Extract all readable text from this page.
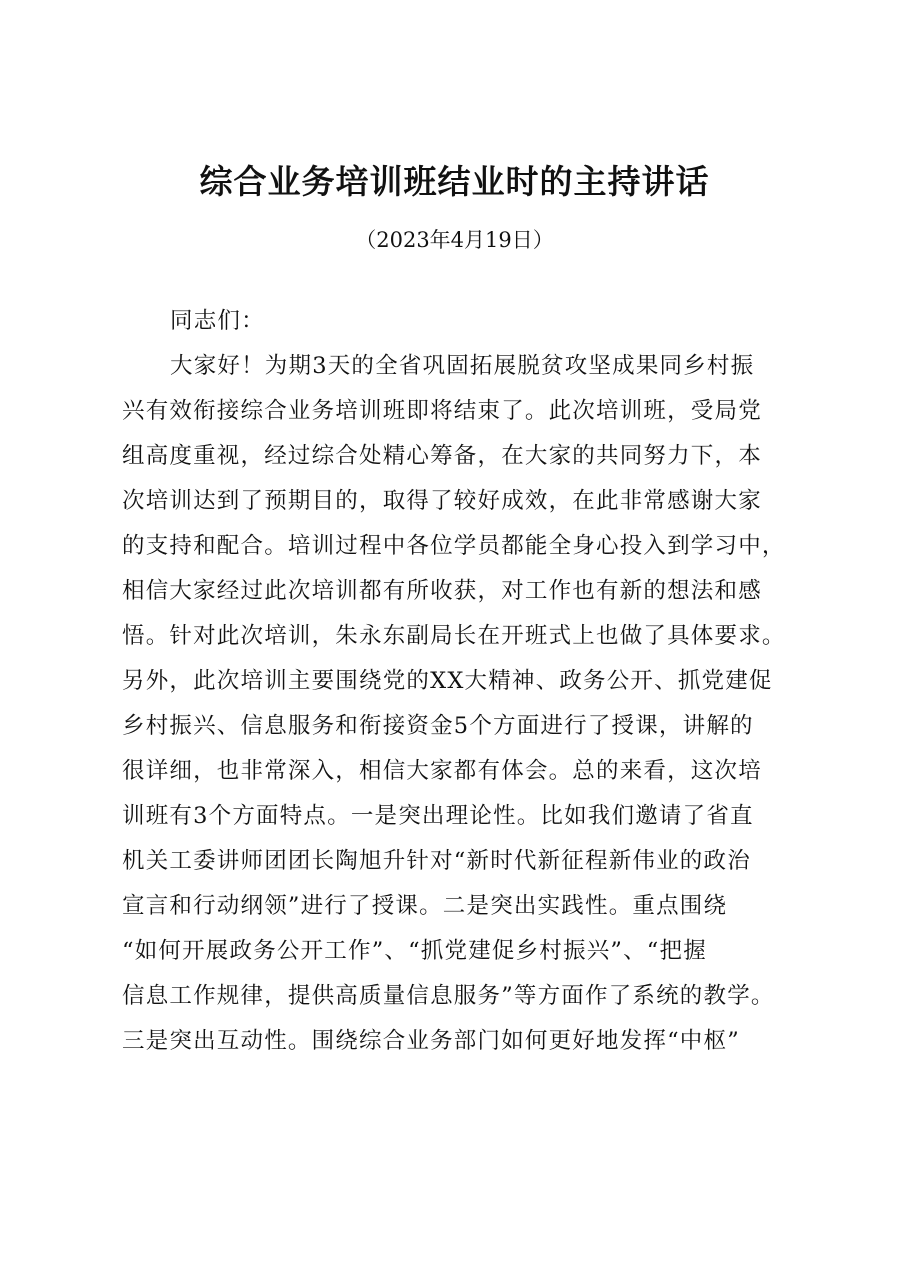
综合业务培训班结业时的主持讲话
（2023年4月19日）
同志们：
大家好！为期3天的全省巩固拓展脱贫攻坚成果同乡村振
兴有效衔接综合业务培训班即将结束了。此次培训班，受局党
组高度重视，经过综合处精心筹备，在大家的共同努力下，本
次培训达到了预期目的，取得了较好成效，在此非常感谢大家
的支持和配合。培训过程中各位学员都能全身心投入到学习中，
相信大家经过此次培训都有所收获，对工作也有新的想法和感
悟。针对此次培训，朱永东副局长在开班式上也做了具体要求。
另外，此次培训主要围绕党的XX大精神、政务公开、抓党建促
乡村振兴、信息服务和衔接资金5个方面进行了授课，讲解的
很详细，也非常深入，相信大家都有体会。总的来看，这次培
训班有3个方面特点。一是突出理论性。比如我们邀请了省直
机关工委讲师团团长陶旭升针对“新时代新征程新伟业的政治
宣言和行动纲领”进行了授课。二是突出实践性。重点围绕
“如何开展政务公开工作”、“抓党建促乡村振兴”、“把握
信息工作规律，提供高质量信息服务”等方面作了系统的教学。
三是突出互动性。围绕综合业务部门如何更好地发挥“中枢”
